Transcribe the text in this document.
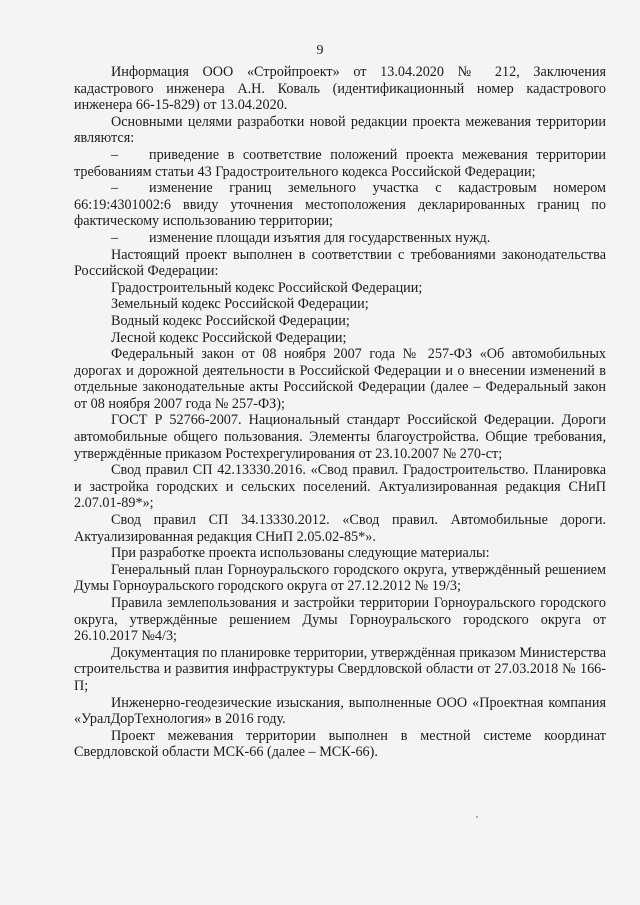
9

Информация ООО «Стройпроект» от 13.04.2020 № 212, Заключения кадастрового инженера А.Н. Коваль (идентификационный номер кадастрового инженера 66-15-829) от 13.04.2020.

Основными целями разработки новой редакции проекта межевания территории являются:

– приведение в соответствие положений проекта межевания территории требованиям статьи 43 Градостроительного кодекса Российской Федерации;

– изменение границ земельного участка с кадастровым номером 66:19:4301002:6 ввиду уточнения местоположения декларированных границ по фактическому использованию территории;

– изменение площади изъятия для государственных нужд.

Настоящий проект выполнен в соответствии с требованиями законодательства Российской Федерации:

Градостроительный кодекс Российской Федерации;

Земельный кодекс Российской Федерации;

Водный кодекс Российской Федерации;

Лесной кодекс Российской Федерации;

Федеральный закон от 08 ноября 2007 года № 257-ФЗ «Об автомобильных дорогах и дорожной деятельности в Российской Федерации и о внесении изменений в отдельные законодательные акты Российской Федерации (далее – Федеральный закон от 08 ноября 2007 года № 257-ФЗ);

ГОСТ Р 52766-2007. Национальный стандарт Российской Федерации. Дороги автомобильные общего пользования. Элементы благоустройства. Общие требования, утверждённые приказом Ростехрегулирования от 23.10.2007 № 270-ст;

Свод правил СП 42.13330.2016. «Свод правил. Градостроительство. Планировка и застройка городских и сельских поселений. Актуализированная редакция СНиП 2.07.01-89*»;

Свод правил СП 34.13330.2012. «Свод правил. Автомобильные дороги. Актуализированная редакция СНиП 2.05.02-85*».

При разработке проекта использованы следующие материалы:

Генеральный план Горноуральского городского округа, утверждённый решением Думы Горноуральского городского округа от 27.12.2012 № 19/3;

Правила землепользования и застройки территории Горноуральского городского округа, утверждённые решением Думы Горноуральского городского округа от 26.10.2017 №4/3;

Документация по планировке территории, утверждённая приказом Министерства строительства и развития инфраструктуры Свердловской области от 27.03.2018 № 166-П;

Инженерно-геодезические изыскания, выполненные ООО «Проектная компания «УралДорТехнология» в 2016 году.

Проект межевания территории выполнен в местной системе координат Свердловской области МСК-66 (далее – МСК-66).
